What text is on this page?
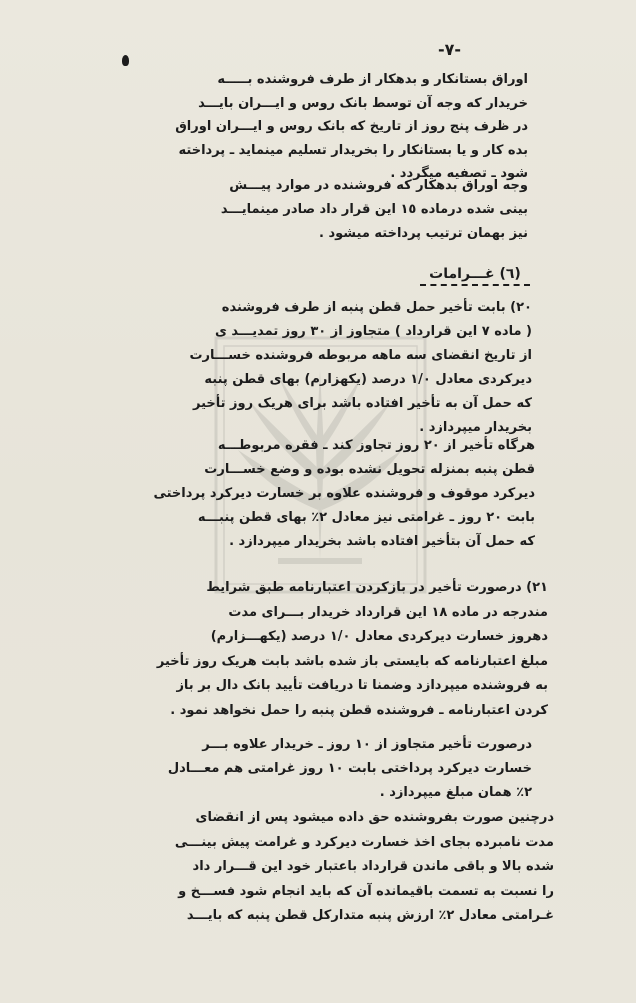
-٧-
اوراق بستانکار و بدهکار از طرف فروشنده بـــــه
خریدار که وجه آن توسط بانک روس و ایـــران بایـــد
در ظرف پنج روز از تاریخ که بانک روس و ایـــران اوراق
بده کار و یا بستانکار را بخریدار تسلیم مینماید ـ پرداخته
شود ـ تصفیه میگردد .
وجه اوراق بدهکار که فروشنده در موارد پیـــش
بینی شده درماده ١٥ این قرار داد صادر مینمایـــد
نیز بهمان ترتیب پرداخته میشود .
(٦) غـــرامات
٢٠) بابت تأخیر حمل قطن پنبه از طرف فروشنده
( ماده ٧ این قرارداد ) متجاوز از ٣٠ روز تمدیـــد ی
از تاریخ انقضای سه ماهه مربوطه فروشنده خســـارت
دیرکردی معادل ١/٠ درصد (یکهزارم) بهای قطن پنبه
که حمل آن به تأخیر افتاده باشد برای هریک روز تأخیر
بخریدار میپردازد .
هرگاه تأخیر از ٢٠ روز تجاوز کند ـ فقره مربوطـــه
قطن پنبه بمنزله تحویل نشده بوده و وضع خســـارت
دیرکرد موقوف و فروشنده علاوه بر خسارت دیرکرد پرداختی
بابت ٢٠ روز ـ غرامتی نیز معادل ٢٪ بهای قطن پنبـــه
که حمل آن بتأخیر افتاده باشد بخریدار میپردازد .
٢١) درصورت تأخیر در بازکردن اعتبارنامه طبق شرایط
مندرجه در ماده ١٨ این قرارداد خریدار بـــرای مدت
دهروز خسارت دیرکردی معادل ١/٠ درصد (یکهـــزارم)
مبلغ اعتبارنامه که بایستی باز شده باشد بابت هریک روز تأخیر
به فروشنده میپردازد وضمنا تا دریافت تأیید بانک دال بر باز
کردن اعتبارنامه ـ فروشنده قطن پنبه را حمل نخواهد نمود .
درصورت تأخیر متجاوز از ١٠ روز ـ خریدار علاوه بـــر
خسارت دیرکرد پرداختی بابت ١٠ روز غرامتی هم معـــادل
٢٪ همان مبلغ میپردازد .
درچنین صورت بفروشنده حق داده میشود پس از انقضای
مدت نامبرده بجای اخذ خسارت دیرکرد و غرامت پیش بینـــی
شده بالا و باقی ماندن قرارداد باعتبار خود این قـــرار داد
را نسبت به تسمت باقیمانده آن که باید انجام شود فســـخ و
غـرامتی معادل ٢٪ ارزش پنبه متدارکل قطن پنبه که بایـــد
